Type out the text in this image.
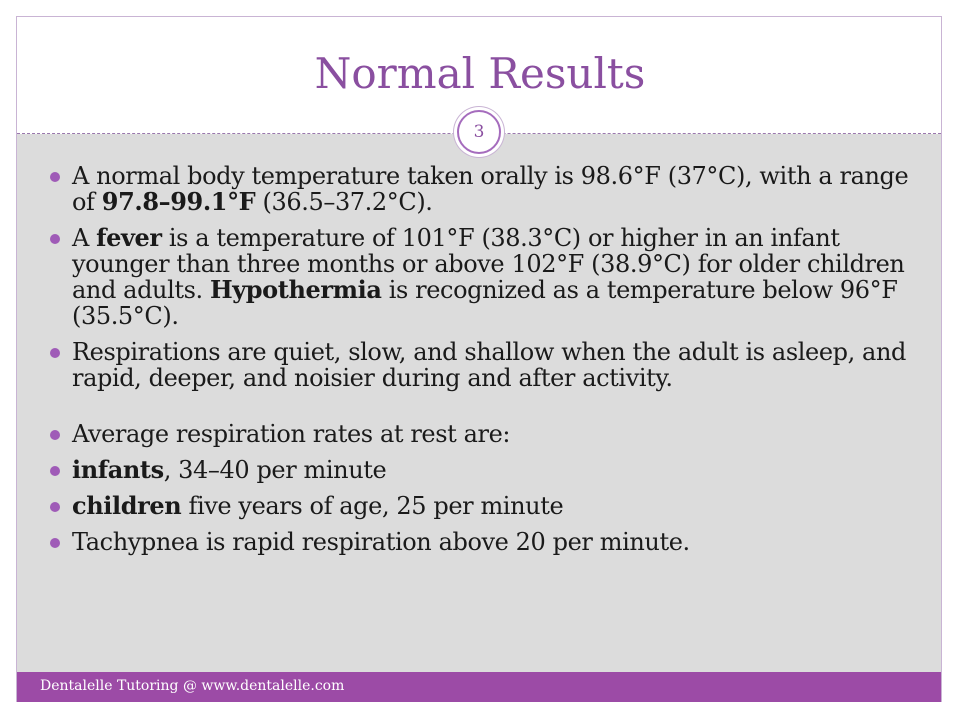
Normal Results
3
A normal body temperature taken orally is 98.6°F (37°C), with a range of 97.8–99.1°F (36.5–37.2°C).
A fever is a temperature of 101°F (38.3°C) or higher in an infant younger than three months or above 102°F (38.9°C) for older children and adults. Hypothermia is recognized as a temperature below 96°F (35.5°C).
Respirations are quiet, slow, and shallow when the adult is asleep, and rapid, deeper, and noisier during and after activity.
Average respiration rates at rest are:
infants, 34–40 per minute
children five years of age, 25 per minute
Tachypnea is rapid respiration above 20 per minute.
Dentalelle Tutoring @ www.dentalelle.com
